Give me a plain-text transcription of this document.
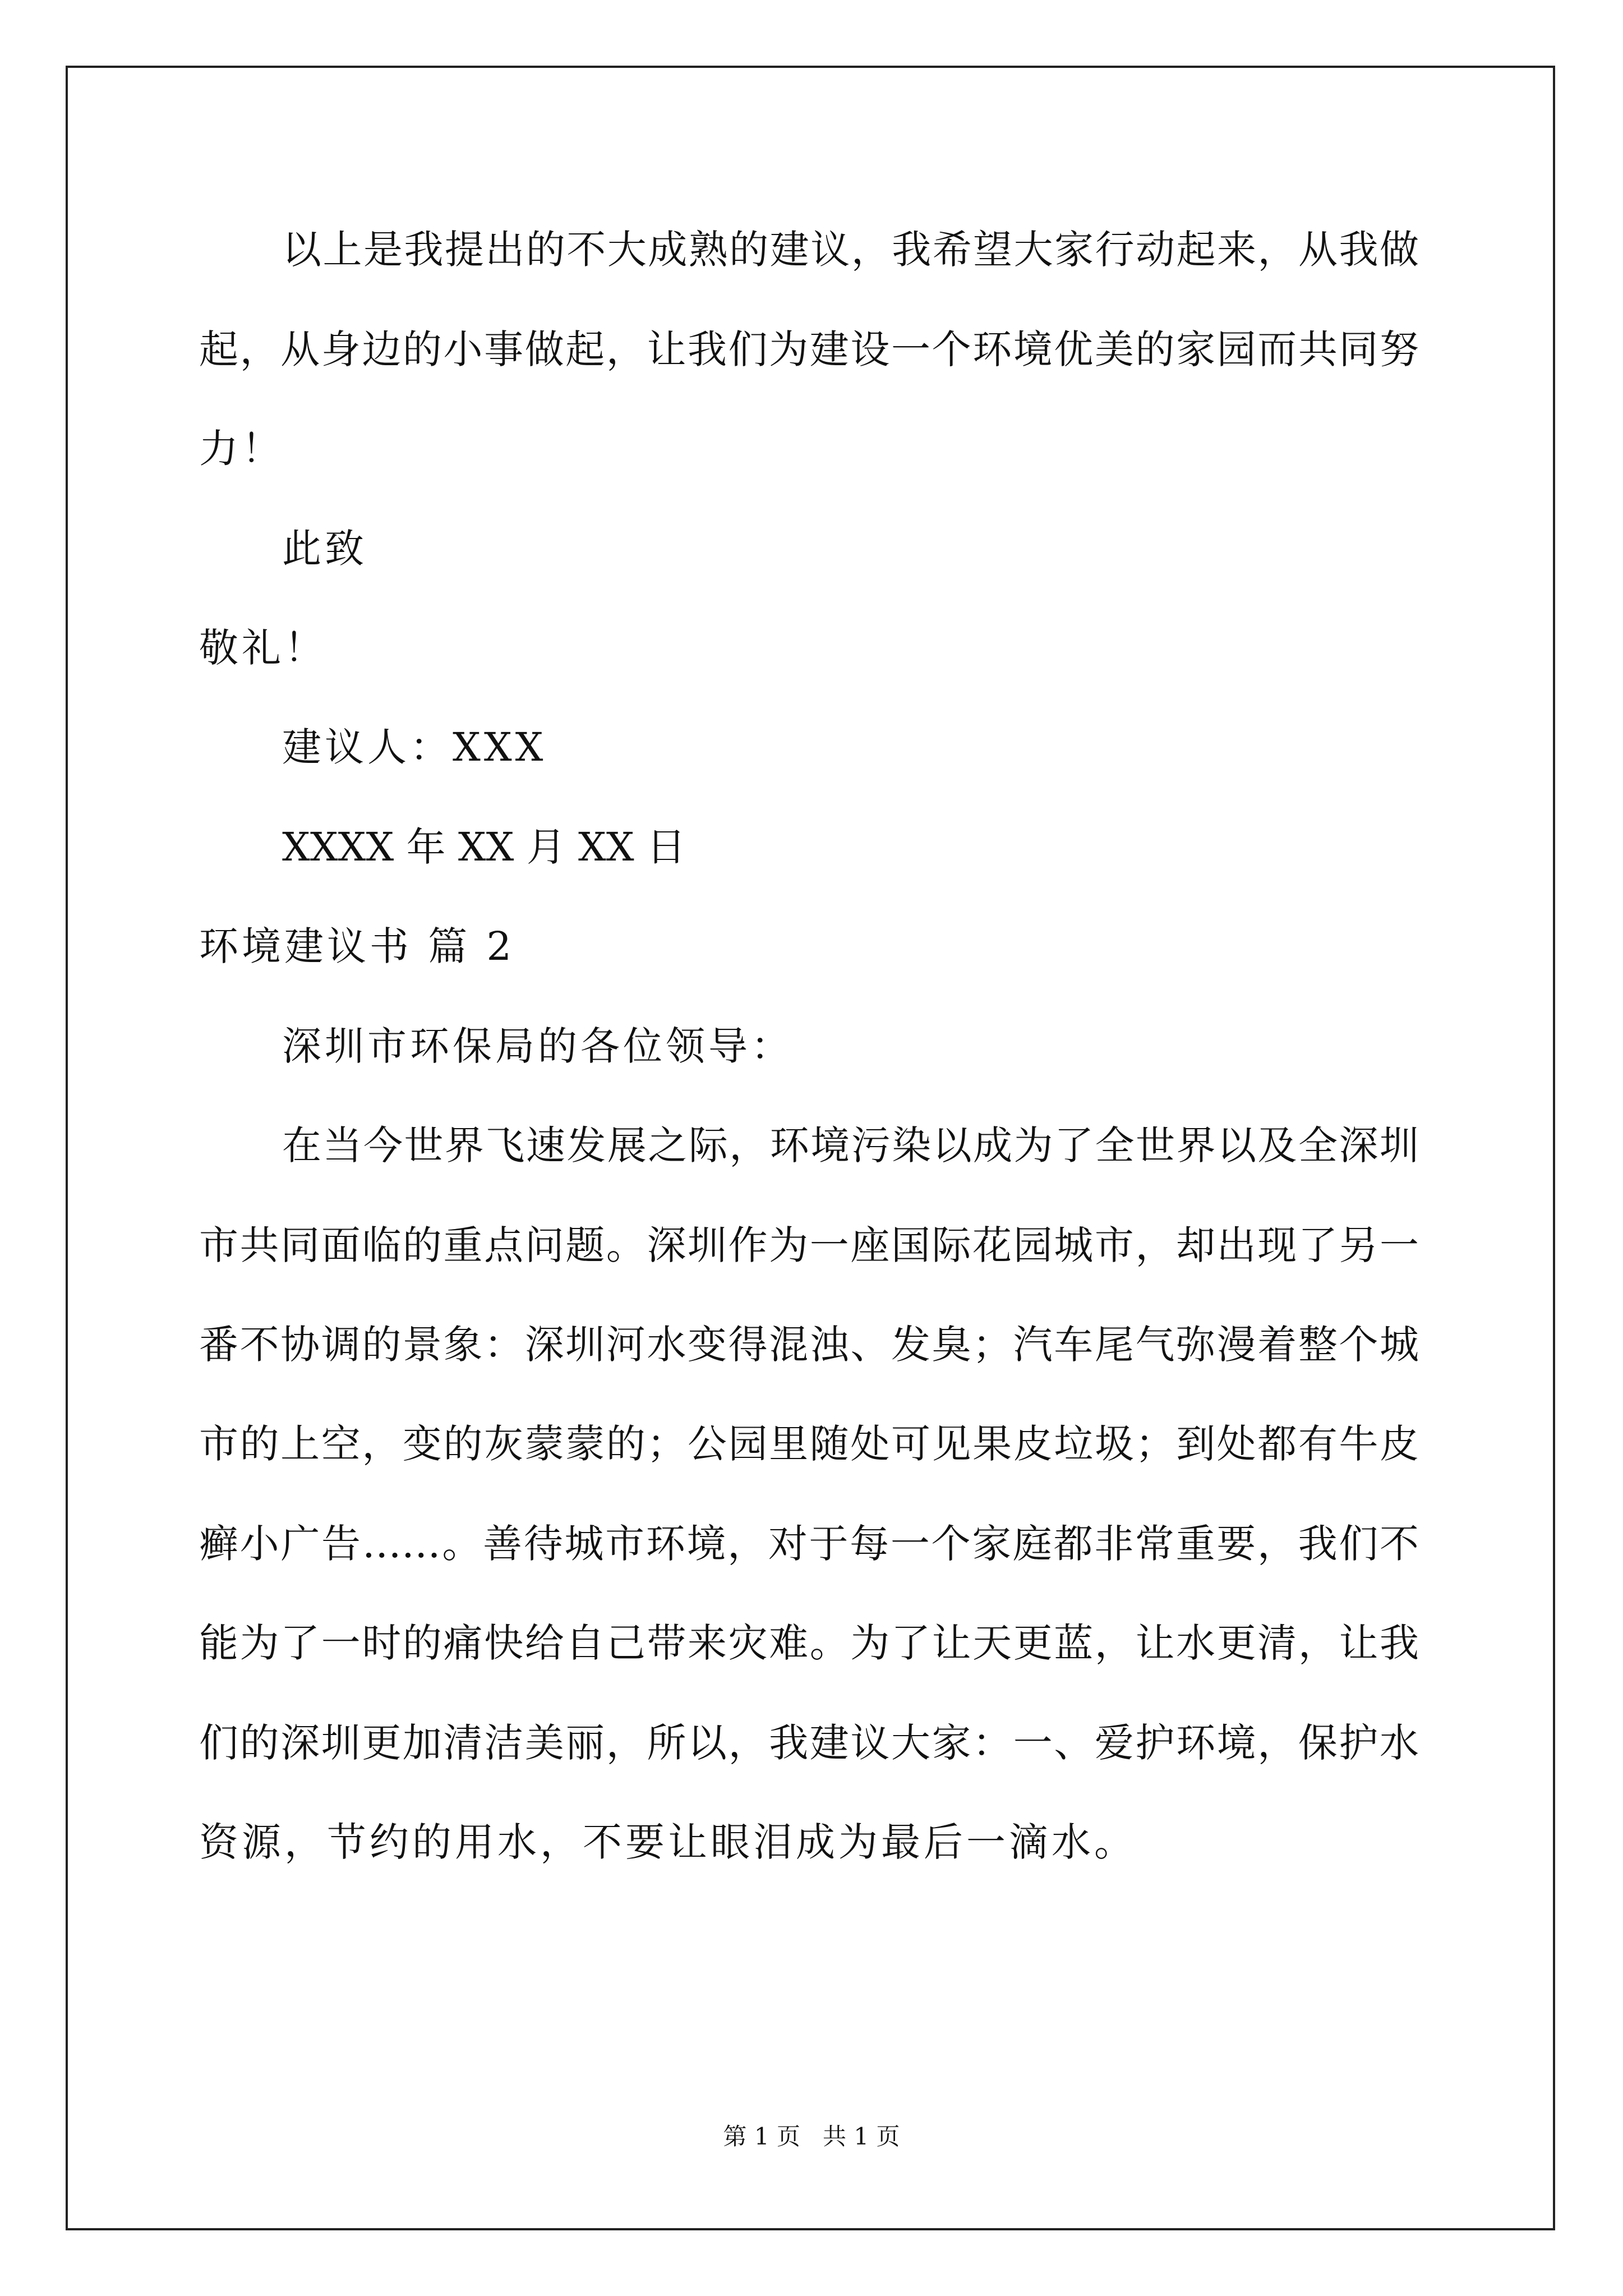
以上是我提出的不大成熟的建议，我希望大家行动起来，从我做
起，从身边的小事做起，让我们为建设一个环境优美的家园而共同努
力！
此致
敬礼！
建议人：XXX
XXXX 年 XX 月 XX 日
环境建议书 篇 2
深圳市环保局的各位领导：
在当今世界飞速发展之际，环境污染以成为了全世界以及全深圳
市共同面临的重点问题。深圳作为一座国际花园城市，却出现了另一
番不协调的景象：深圳河水变得混浊、发臭；汽车尾气弥漫着整个城
市的上空，变的灰蒙蒙的；公园里随处可见果皮垃圾；到处都有牛皮
癣小广告……。善待城市环境，对于每一个家庭都非常重要，我们不
能为了一时的痛快给自己带来灾难。为了让天更蓝，让水更清，让我
们的深圳更加清洁美丽，所以，我建议大家：一、爱护环境，保护水
资源，节约的用水，不要让眼泪成为最后一滴水。
第 1 页 共 1 页
